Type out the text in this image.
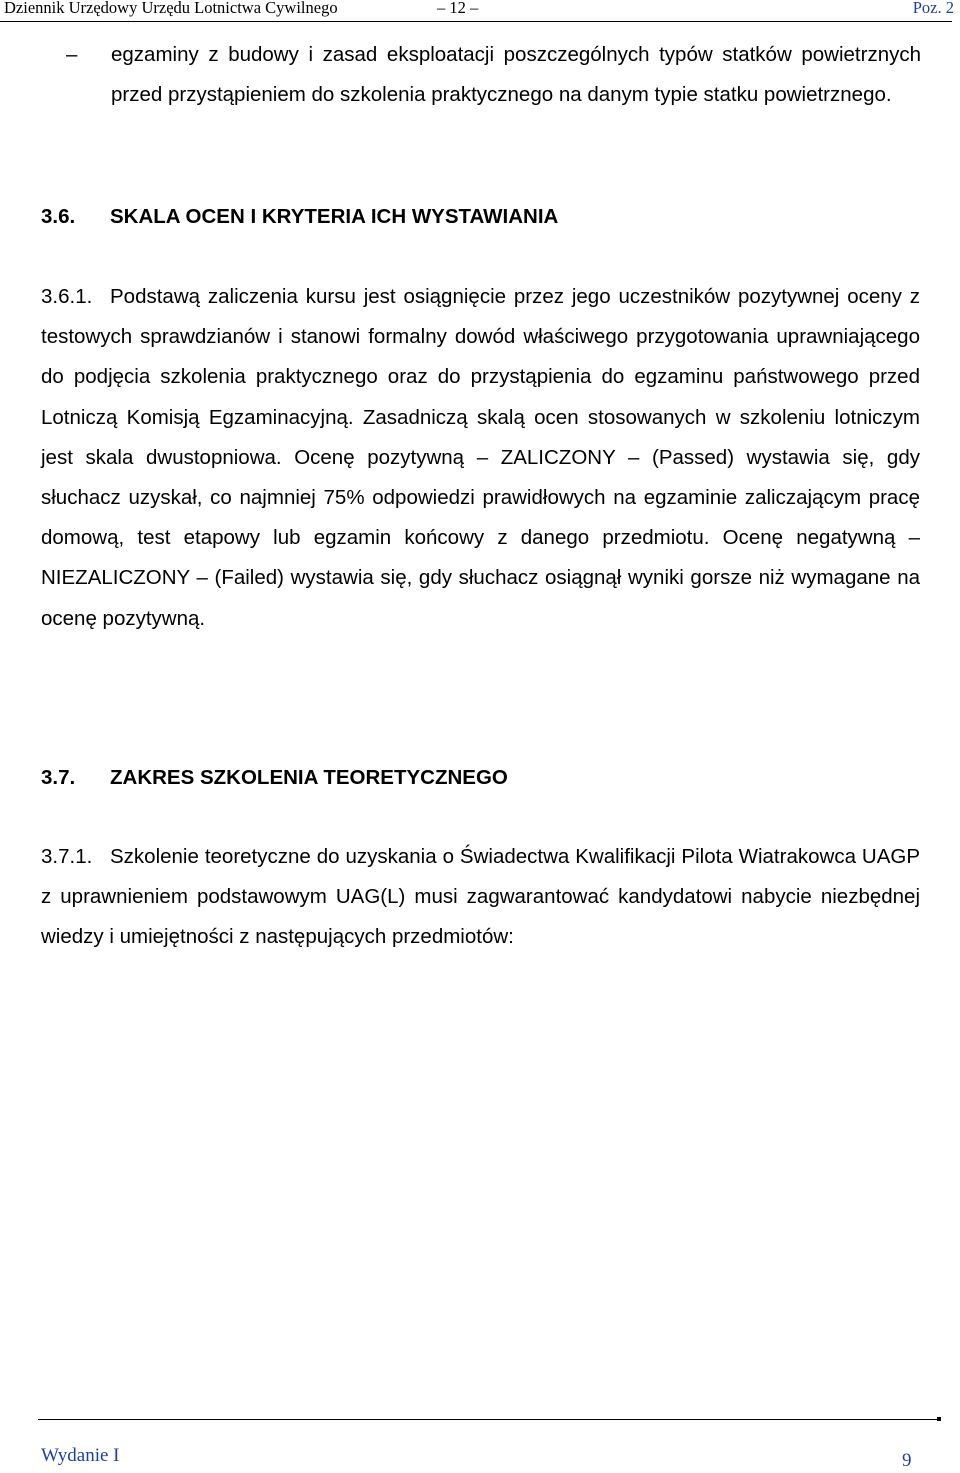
Dziennik Urzędowy Urzędu Lotnictwa Cywilnego	– 12 –	Poz. 2
– egzaminy z budowy i zasad eksploatacji poszczególnych typów statków powietrznych przed przystąpieniem do szkolenia praktycznego na danym typie statku powietrznego.
3.6. SKALA OCEN I KRYTERIA ICH WYSTAWIANIA
3.6.1. Podstawą zaliczenia kursu jest osiągnięcie przez jego uczestników pozytywnej oceny z testowych sprawdzianów i stanowi formalny dowód właściwego przygotowania uprawniającego do podjęcia szkolenia praktycznego oraz do przystąpienia do egzaminu państwowego przed Lotniczą Komisją Egzaminacyjną. Zasadniczą skalą ocen stosowanych w szkoleniu lotniczym jest skala dwustopniowa. Ocenę pozytywną – ZALICZONY – (Passed) wystawia się, gdy słuchacz uzyskał, co najmniej 75% odpowiedzi prawidłowych na egzaminie zaliczającym pracę domową, test etapowy lub egzamin końcowy z danego przedmiotu. Ocenę negatywną – NIEZALICZONY – (Failed) wystawia się, gdy słuchacz osiągnął wyniki gorsze niż wymagane na ocenę pozytywną.
3.7. ZAKRES SZKOLENIA TEORETYCZNEGO
3.7.1. Szkolenie teoretyczne do uzyskania o Świadectwa Kwalifikacji Pilota Wiatrakowca UAGP z uprawnieniem podstawowym UAG(L) musi zagwarantować kandydatowi nabycie niezbędnej wiedzy i umiejętności z następujących przedmiotów:
Wydanie I	9
